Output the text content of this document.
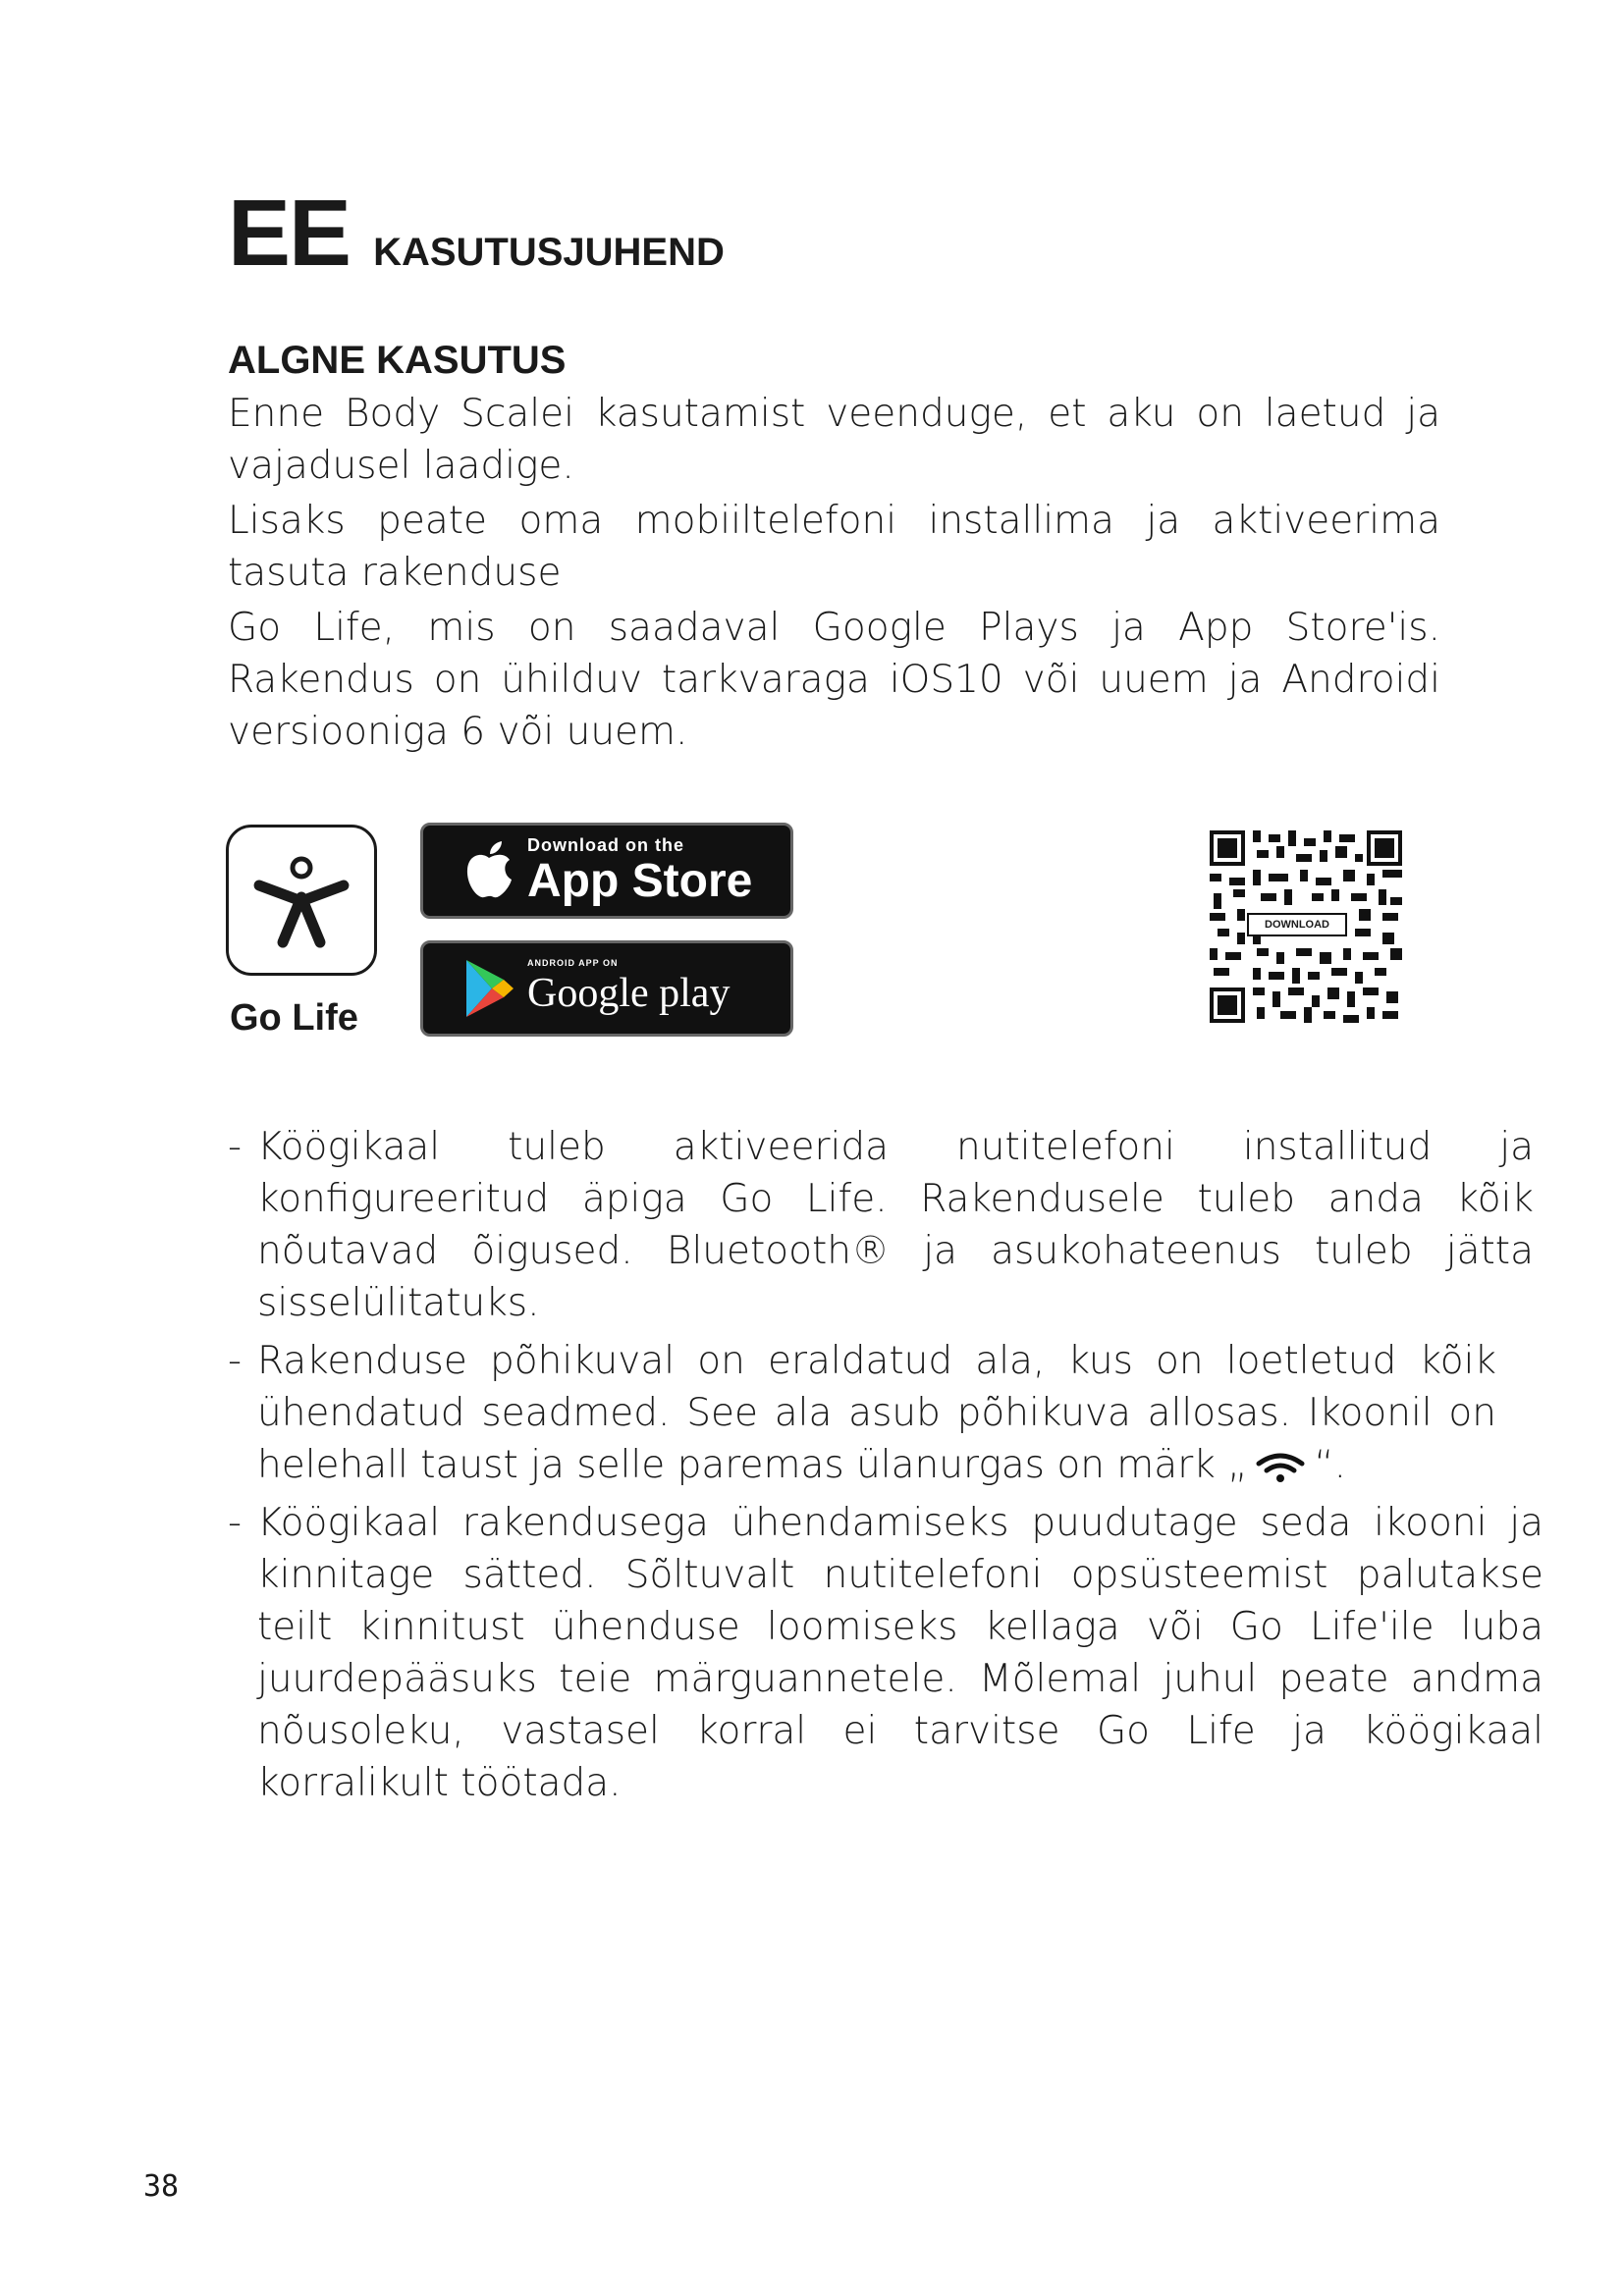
EE KASUTUSJUHEND
ALGNE KASUTUS

Enne Body Scalei kasutamist veenduge, et aku on laetud ja vajadusel laadige.

Lisaks peate oma mobiiltelefoni installima ja aktiveerima tasuta rakenduse

Go Life, mis on saadaval Google Plays ja App Store'is. Rakendus on ühilduv tarkvaraga iOS10 või uuem ja Androidi versiooniga 6 või uuem.

Go Life
Download on the
App Store
ANDROID APP ON
Google play
DOWNLOAD
- Köögikaal tuleb aktiveerida nutitelefoni installitud ja konfigureeritud äpiga Go Life. Rakendusele tuleb anda kõik nõutavad õigused. Bluetooth® ja asukohateenus tuleb jätta sisselülitatuks.
- Rakenduse põhikuval on eraldatud ala, kus on loetletud kõik ühendatud seadmed. See ala asub põhikuva allosas. Ikoonil on helehall taust ja selle paremas ülanurgas on märk „ “.
- Köögikaal rakendusega ühendamiseks puudutage seda ikooni ja kinnitage sätted. Sõltuvalt nutitelefoni opsüsteemist palutakse teilt kinnitust ühenduse loomiseks kellaga või Go Life'ile luba juurdepääsuks teie märguannetele. Mõlemal juhul peate andma nõusoleku, vastasel korral ei tarvitse Go Life ja köögikaal korralikult töötada.
38
